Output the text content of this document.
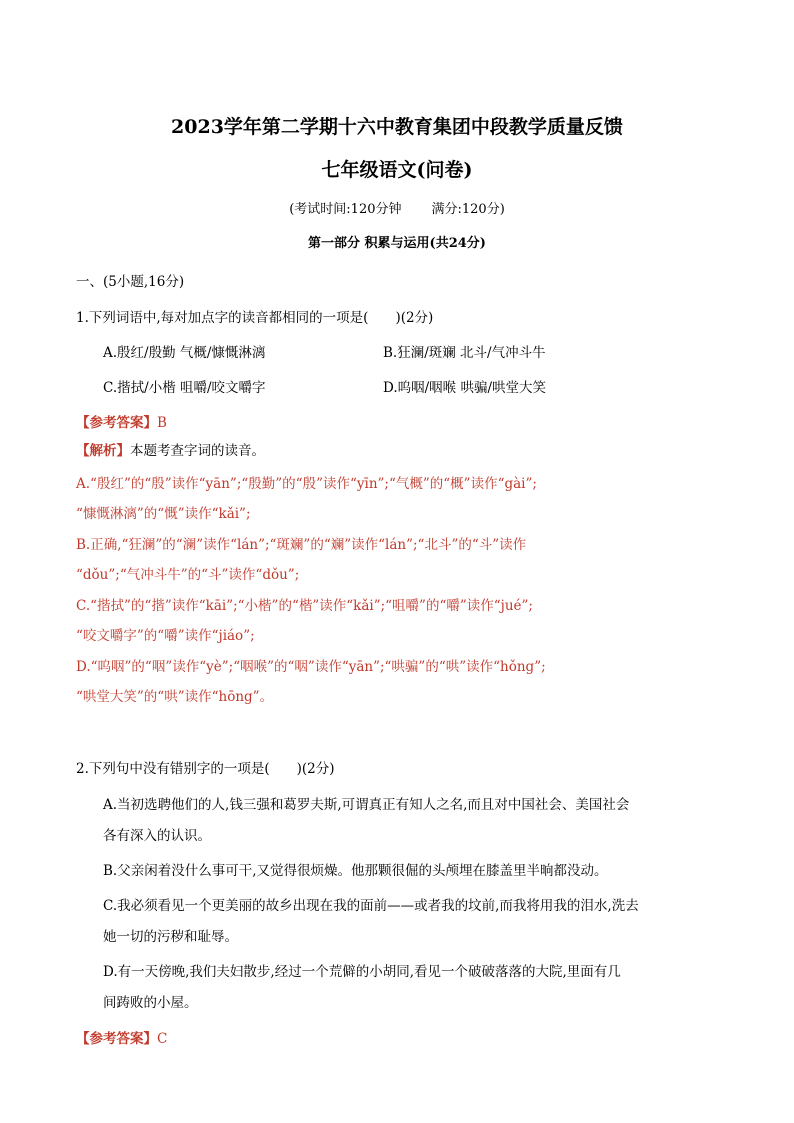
2023学年第二学期十六中教育集团中段教学质量反馈
七年级语文(问卷)
(考试时间:120分钟 满分:120分)
第一部分 积累与运用(共24分)
一、(5小题,16分)
1.下列词语中,每对加点字的读音都相同的一项是(　　)(2分)
A.殷红/殷勤 气概/慷慨淋漓	B.狂澜/斑斓 北斗/气冲斗牛
C.揩拭/小楷 咀嚼/咬文嚼字	D.呜咽/咽喉 哄骗/哄堂大笑
【参考答案】B
【解析】本题考查字词的读音。
A.“殷红”的“殷”读作“yān”;“殷勤”的“殷”读作“yīn”;“气概”的“概”读作“gài”;
“慷慨淋漓”的“慨”读作“kǎi”;
B.正确,“狂澜”的“澜”读作“lán”;“斑斓”的“斓”读作“lán”;“北斗”的“斗”读作
“dǒu”;“气冲斗牛”的“斗”读作“dǒu”;
C.“揩拭”的“揩”读作“kāi”;“小楷”的“楷”读作“kǎi”;“咀嚼”的“嚼”读作“jué”;
“咬文嚼字”的“嚼”读作“jiáo”;
D.“呜咽”的“咽”读作“yè”;“咽喉”的“咽”读作“yān”;“哄骗”的“哄”读作“hǒng”;
“哄堂大笑”的“哄”读作“hōng”。
2.下列句中没有错别字的一项是(　　)(2分)
A.当初选聘他们的人,钱三强和葛罗夫斯,可谓真正有知人之名,而且对中国社会、美国社会
各有深入的认识。
B.父亲闲着没什么事可干,又觉得很烦燥。他那颗很倔的头颅埋在膝盖里半晌都没动。
C.我必须看见一个更美丽的故乡出现在我的面前——或者我的坟前,而我将用我的泪水,洗去
她一切的污秽和耻辱。
D.有一天傍晚,我们夫妇散步,经过一个荒僻的小胡同,看见一个破破落落的大院,里面有几
间踌败的小屋。
【参考答案】C
